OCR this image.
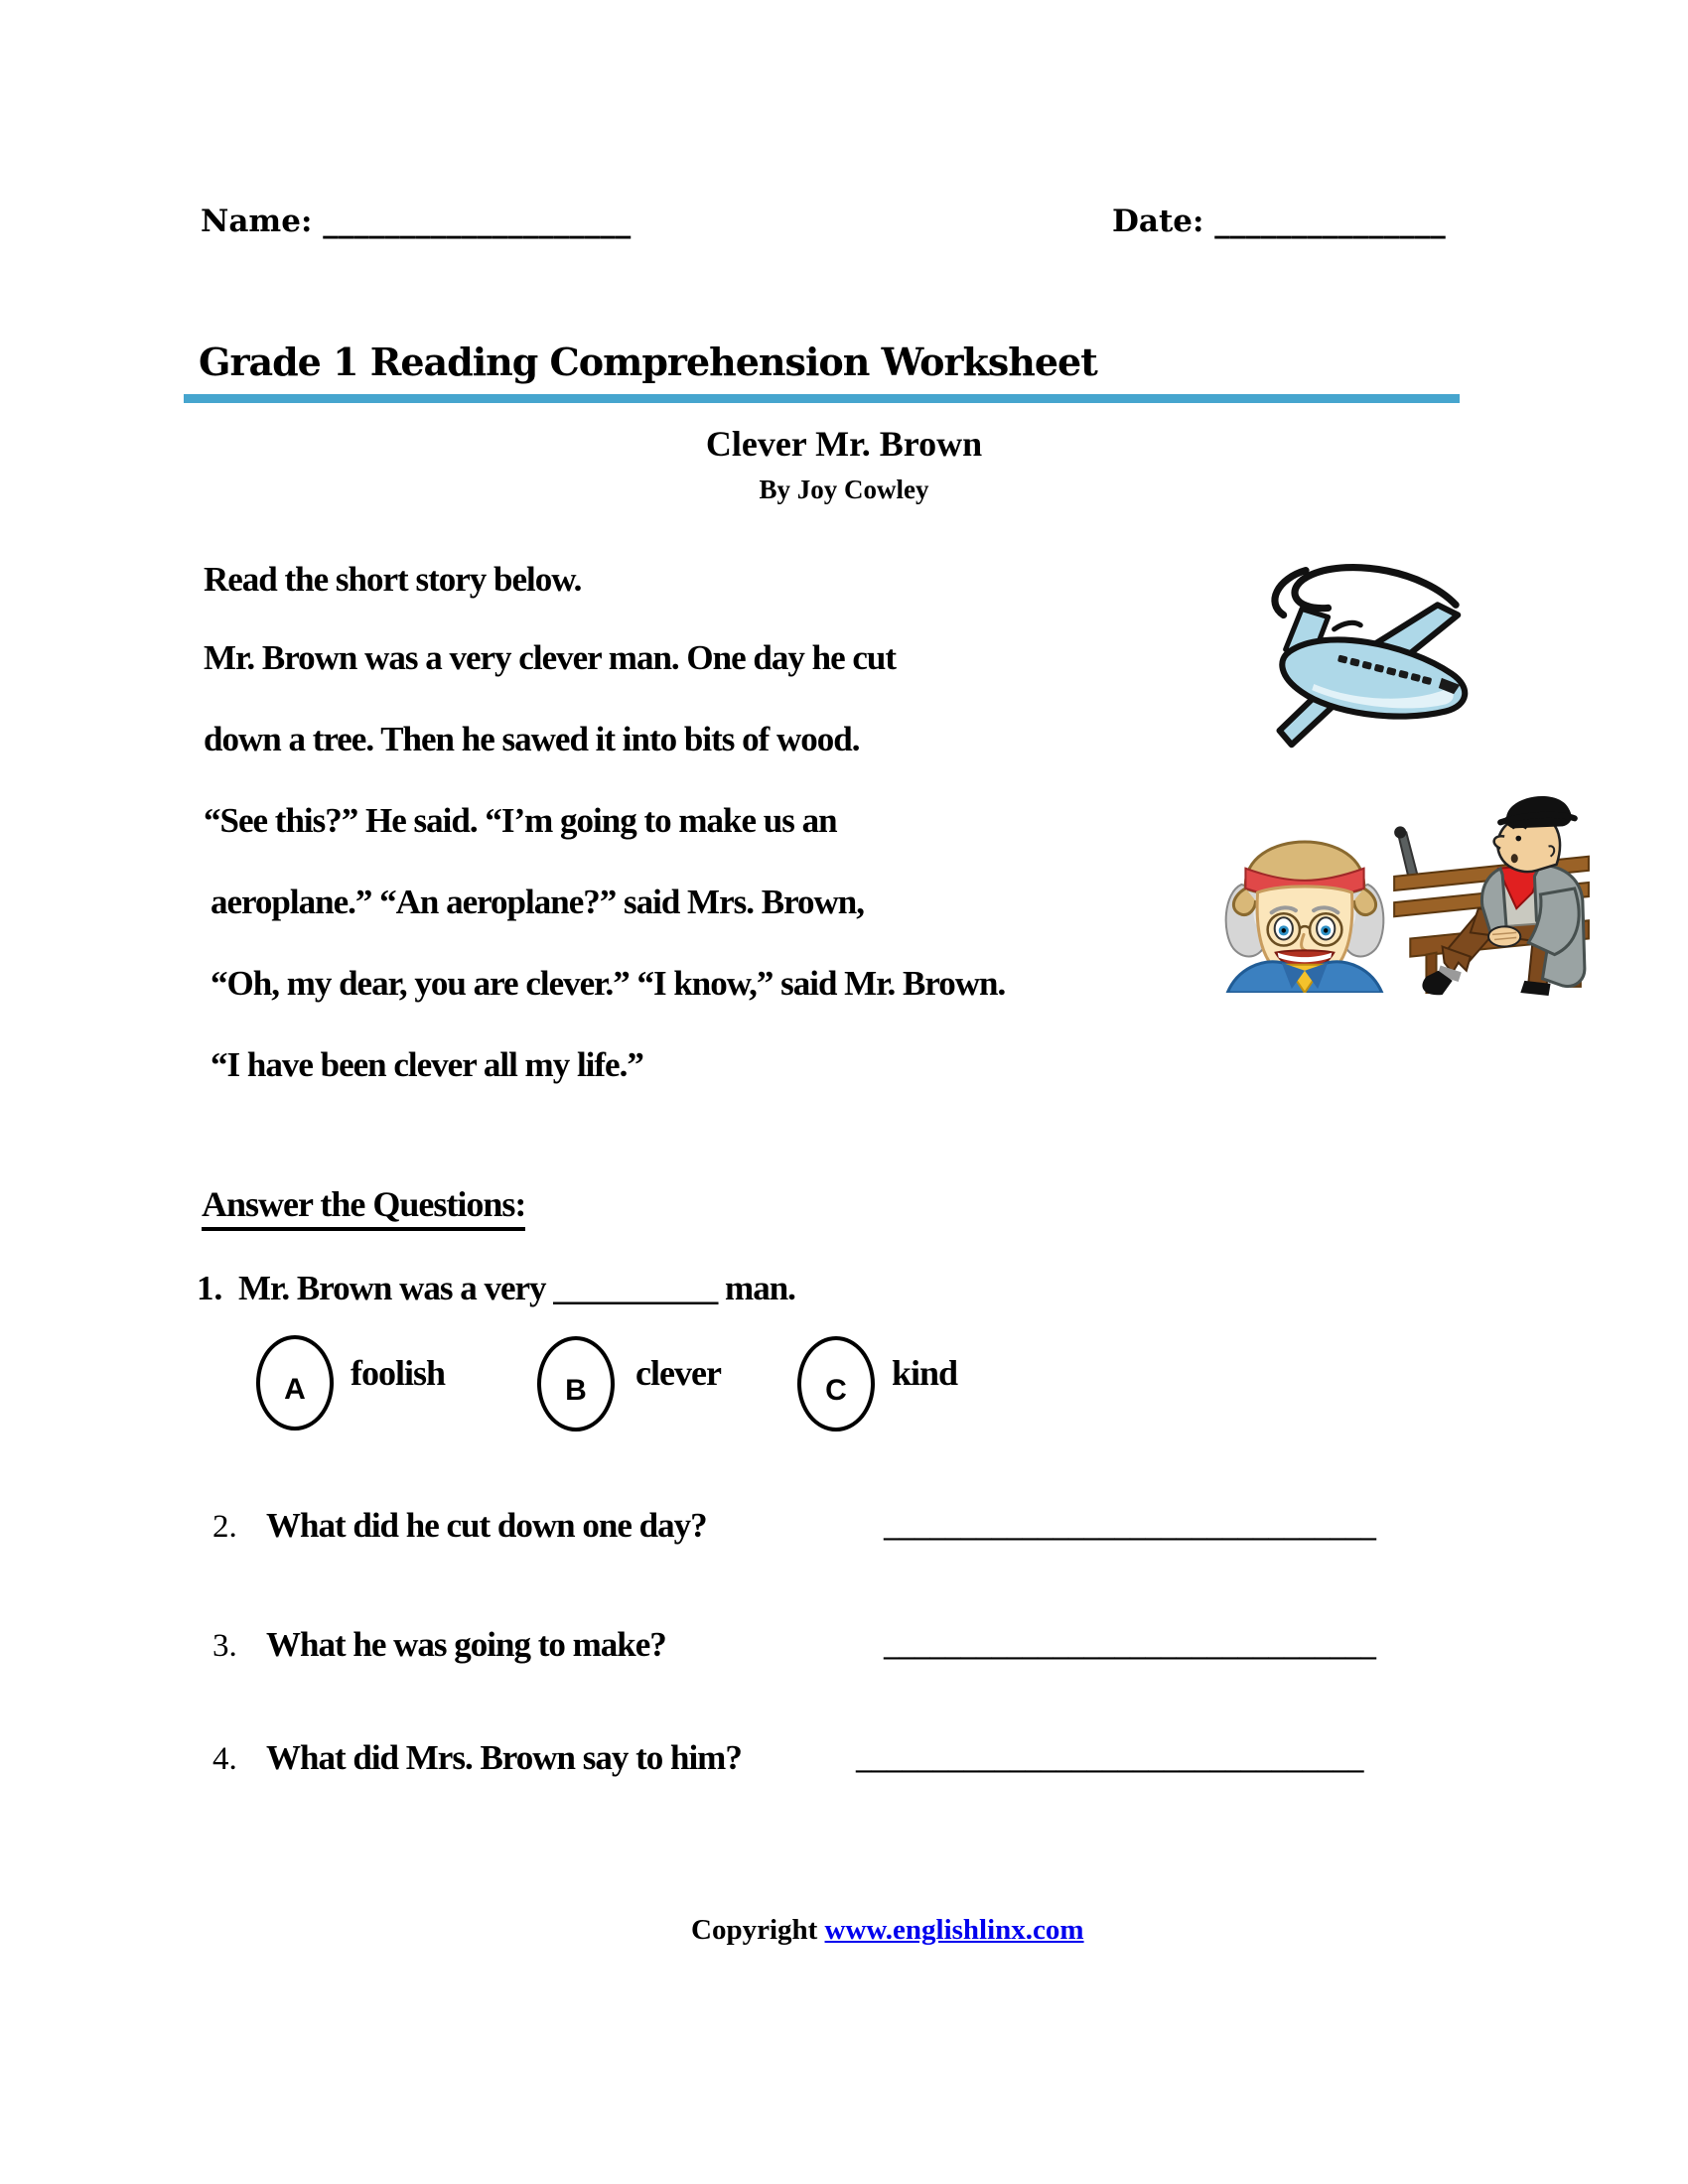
Name: ____________________	Date: _______________
Grade 1 Reading Comprehension Worksheet
Clever Mr. Brown
By Joy Cowley
Read the short story below.
Mr. Brown was a very clever man. One day he cut
down a tree. Then he sawed it into bits of wood.
“See this?” He said. “I’m going to make us an
aeroplane.” “An aeroplane?” said Mrs. Brown,
“Oh, my dear, you are clever.” “I know,” said Mr. Brown.
“I have been clever all my life.”
Answer the Questions:
1. Mr. Brown was a very __________ man.
A foolish	B clever	C kind
2. What did he cut down one day?	________________________________
3. What he was going to make?	________________________________
4. What did Mrs. Brown say to him?	_________________________________
Copyright www.englishlinx.com
